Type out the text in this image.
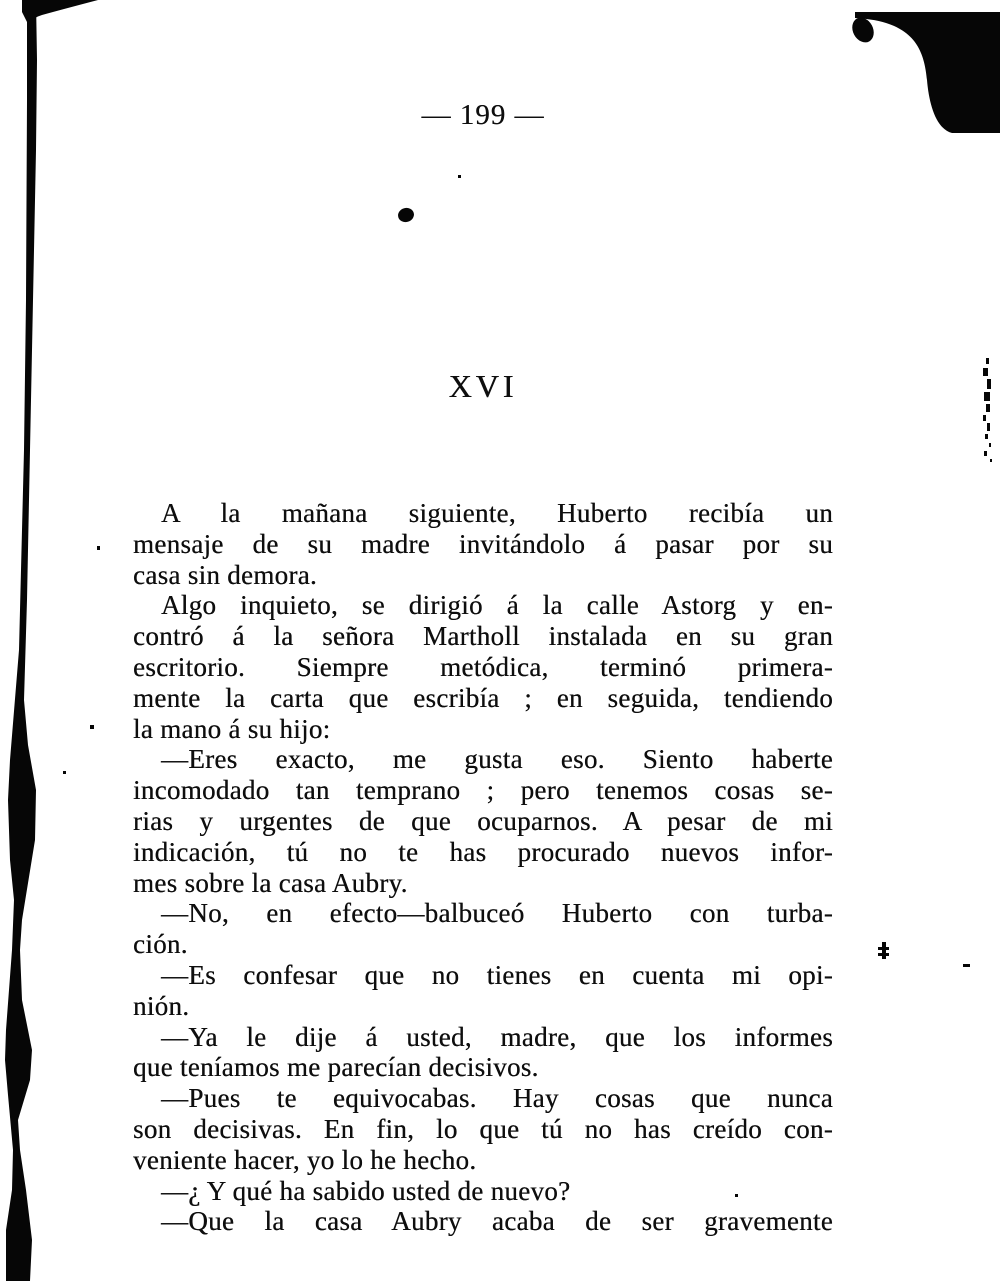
— 199 —
XVI
A la mañana siguiente, Huberto recibía un
mensaje de su madre invitándolo á pasar por su
casa sin demora.
Algo inquieto, se dirigió á la calle Astorg y en-
contró á la señora Martholl instalada en su gran
escritorio. Siempre metódica, terminó primera-
mente la carta que escribía ; en seguida, tendiendo
la mano á su hijo:
—Eres exacto, me gusta eso. Siento haberte
incomodado tan temprano ; pero tenemos cosas se-
rias y urgentes de que ocuparnos. A pesar de mi
indicación, tú no te has procurado nuevos infor-
mes sobre la casa Aubry.
—No, en efecto—balbuceó Huberto con turba-
ción.
—Es confesar que no tienes en cuenta mi opi-
nión.
—Ya le dije á usted, madre, que los informes
que teníamos me parecían decisivos.
—Pues te equivocabas. Hay cosas que nunca
son decisivas. En fin, lo que tú no has creído con-
veniente hacer, yo lo he hecho.
—¿ Y qué ha sabido usted de nuevo?
—Que la casa Aubry acaba de ser gravemente
